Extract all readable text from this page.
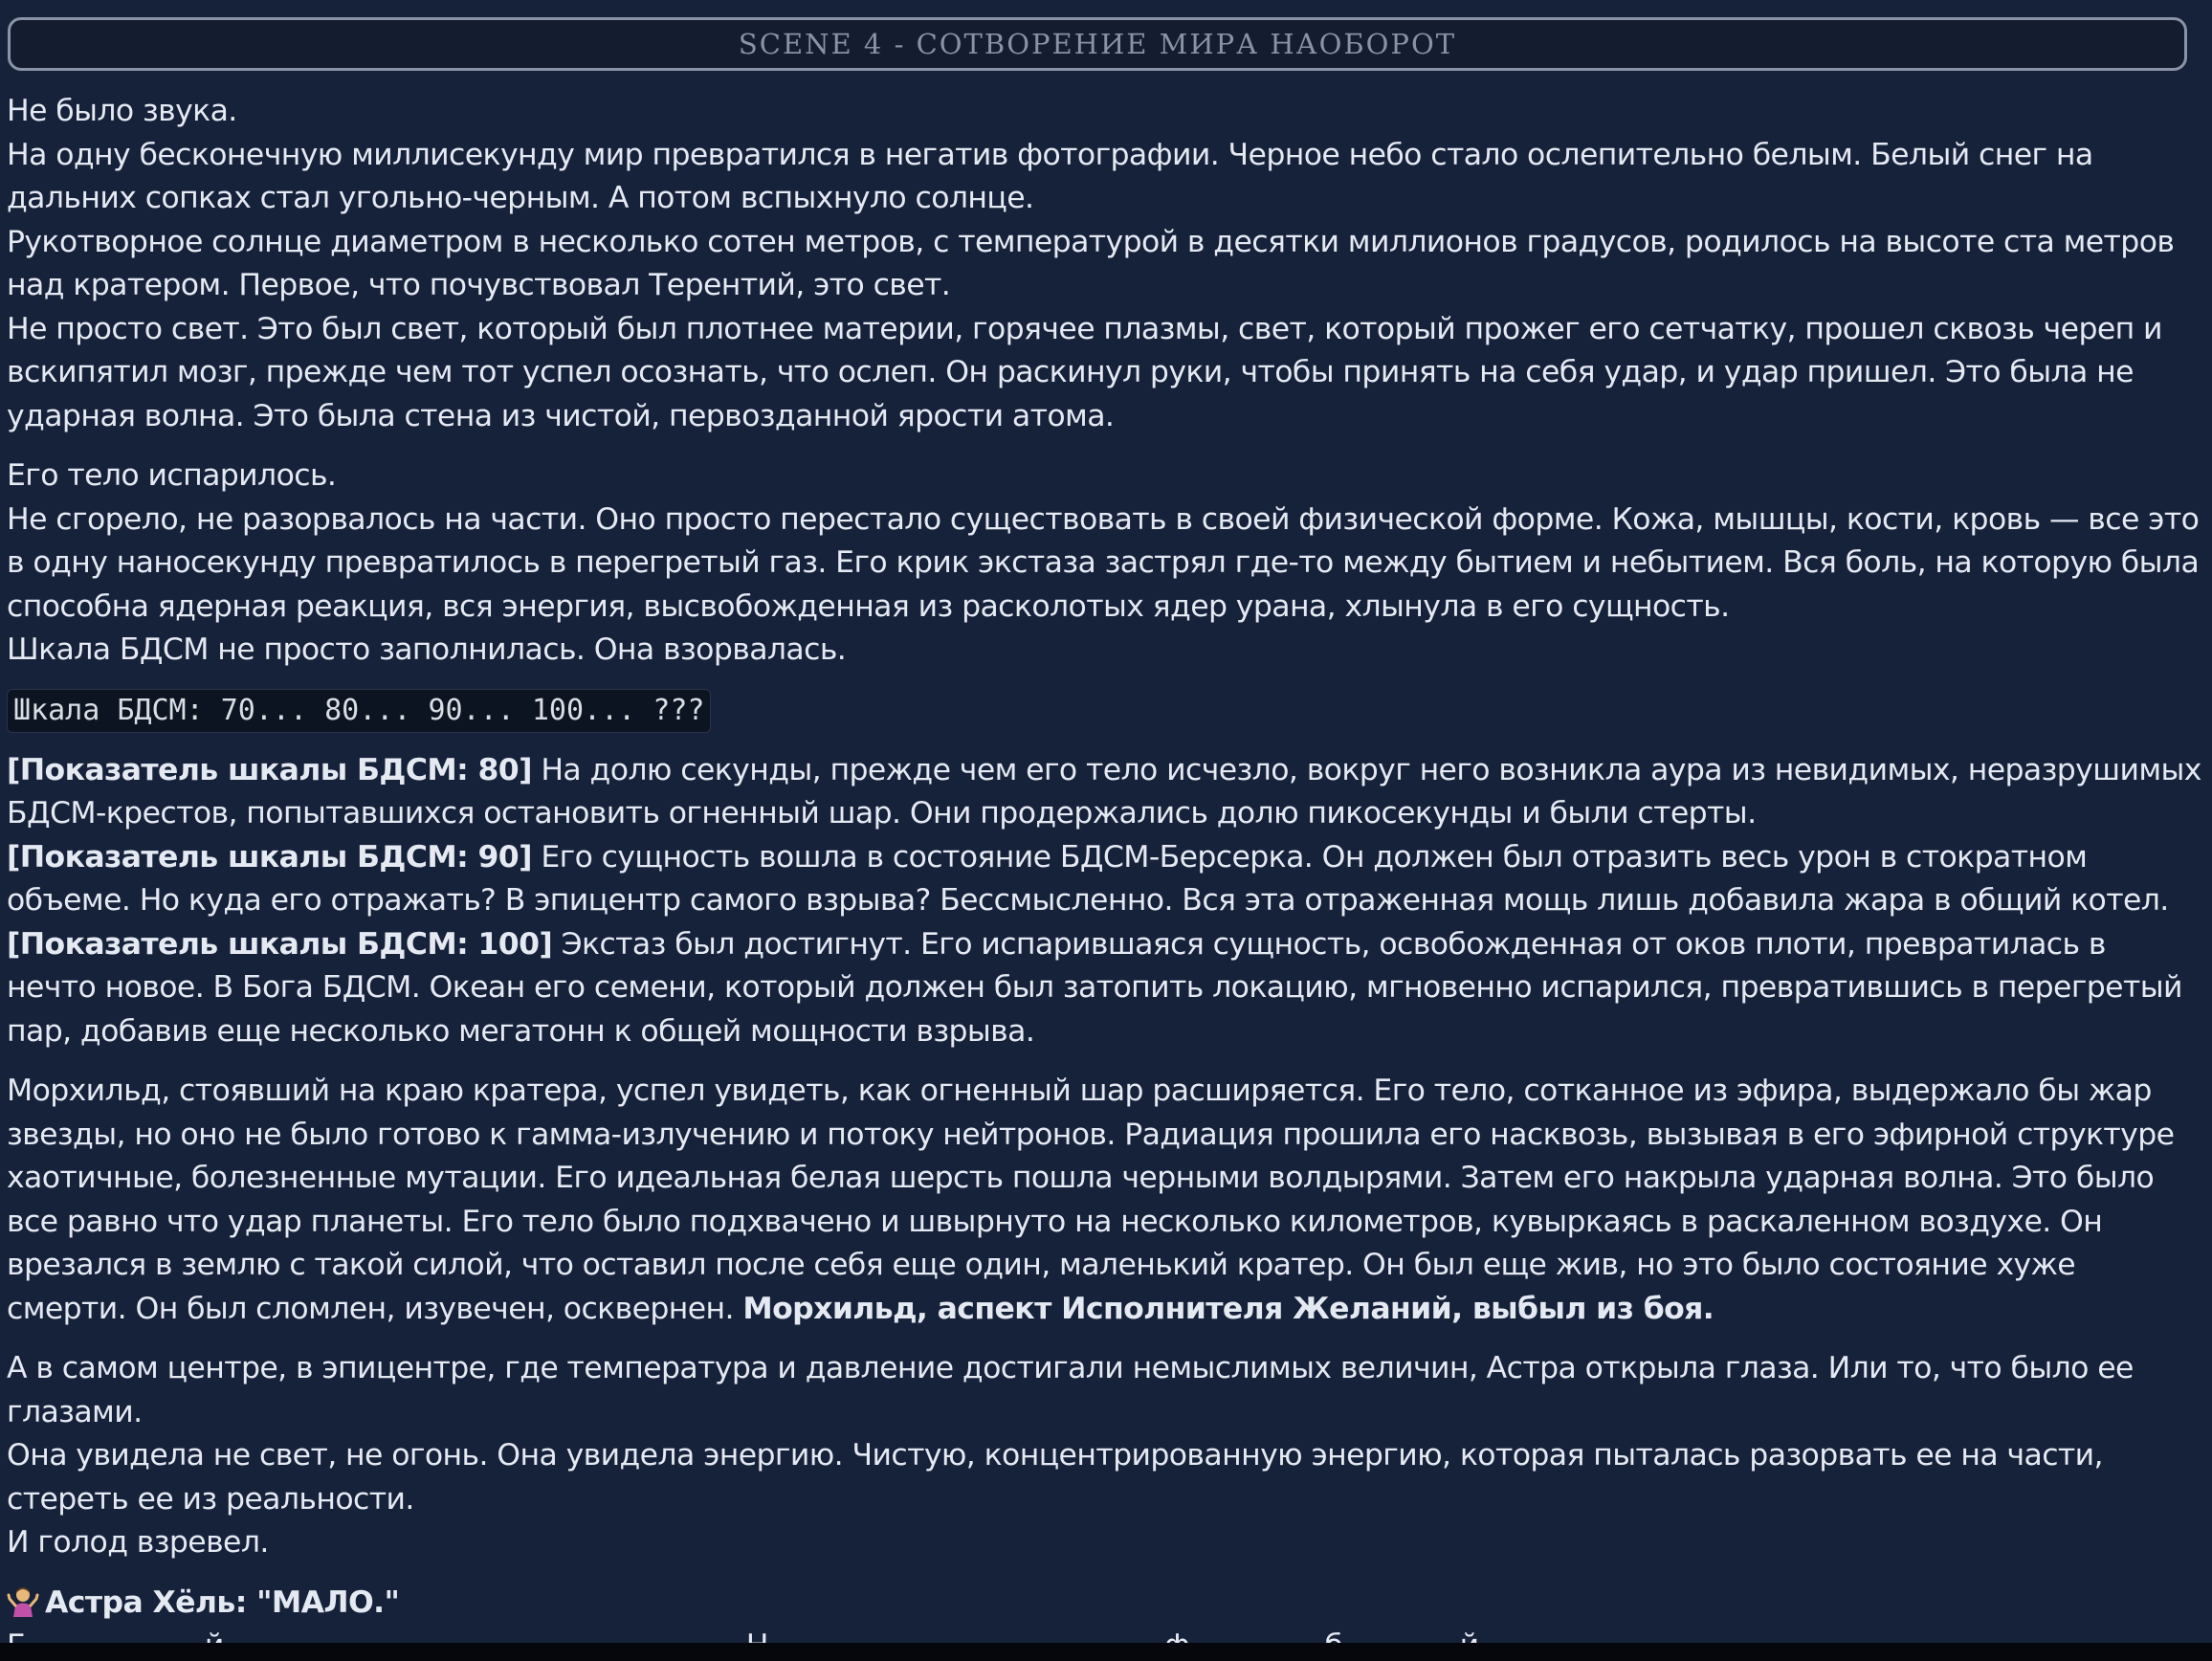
SCENE 4 - СОТВОРЕНИЕ МИРА НАОБОРОТ

Не было звука.

На одну бесконечную миллисекунду мир превратился в негатив фотографии. Черное небо стало ослепительно белым. Белый снег на дальних сопках стал угольно-черным. А потом вспыхнуло солнце.

Рукотворное солнце диаметром в несколько сотен метров, с температурой в десятки миллионов градусов, родилось на высоте ста метров над кратером. Первое, что почувствовал Терентий, это свет.

Не просто свет. Это был свет, который был плотнее материи, горячее плазмы, свет, который прожег его сетчатку, прошел сквозь череп и вскипятил мозг, прежде чем тот успел осознать, что ослеп. Он раскинул руки, чтобы принять на себя удар, и удар пришел. Это была не ударная волна. Это была стена из чистой, первозданной ярости атома.

Его тело испарилось.

Не сгорело, не разорвалось на части. Оно просто перестало существовать в своей физической форме. Кожа, мышцы, кости, кровь — все это в одну наносекунду превратилось в перегретый газ. Его крик экстаза застрял где-то между бытием и небытием. Вся боль, на которую была способна ядерная реакция, вся энергия, высвобожденная из расколотых ядер урана, хлынула в его сущность.

Шкала БДСМ не просто заполнилась. Она взорвалась.

Шкала БДСМ: 70... 80... 90... 100... ???

[Показатель шкалы БДСМ: 80] На долю секунды, прежде чем его тело исчезло, вокруг него возникла аура из невидимых, неразрушимых БДСМ-крестов, попытавшихся остановить огненный шар. Они продержались долю пикосекунды и были стерты.

[Показатель шкалы БДСМ: 90] Его сущность вошла в состояние БДСМ-Берсерка. Он должен был отразить весь урон в стократном объеме. Но куда его отражать? В эпицентр самого взрыва? Бессмысленно. Вся эта отраженная мощь лишь добавила жара в общий котел.

[Показатель шкалы БДСМ: 100] Экстаз был достигнут. Его испарившаяся сущность, освобожденная от оков плоти, превратилась в нечто новое. В Бога БДСМ. Океан его семени, который должен был затопить локацию, мгновенно испарился, превратившись в перегретый пар, добавив еще несколько мегатонн к общей мощности взрыва.

Морхильд, стоявший на краю кратера, успел увидеть, как огненный шар расширяется. Его тело, сотканное из эфира, выдержало бы жар звезды, но оно не было готово к гамма-излучению и потоку нейтронов. Радиация прошила его насквозь, вызывая в его эфирной структуре хаотичные, болезненные мутации. Его идеальная белая шерсть пошла черными волдырями. Затем его накрыла ударная волна. Это было все равно что удар планеты. Его тело было подхвачено и швырнуто на несколько километров, кувыркаясь в раскаленном воздухе. Он врезался в землю с такой силой, что оставил после себя еще один, маленький кратер. Он был еще жив, но это было состояние хуже смерти. Он был сломлен, изувечен, осквернен. Морхильд, аспект Исполнителя Желаний, выбыл из боя.

А в самом центре, в эпицентре, где температура и давление достигали немыслимых величин, Астра открыла глаза. Или то, что было ее глазами.

Она увидела не свет, не огонь. Она увидела энергию. Чистую, концентрированную энергию, которая пыталась разорвать ее на части, стереть ее из реальности.

И голод взревел.

Астра Хёль: "МАЛО."
